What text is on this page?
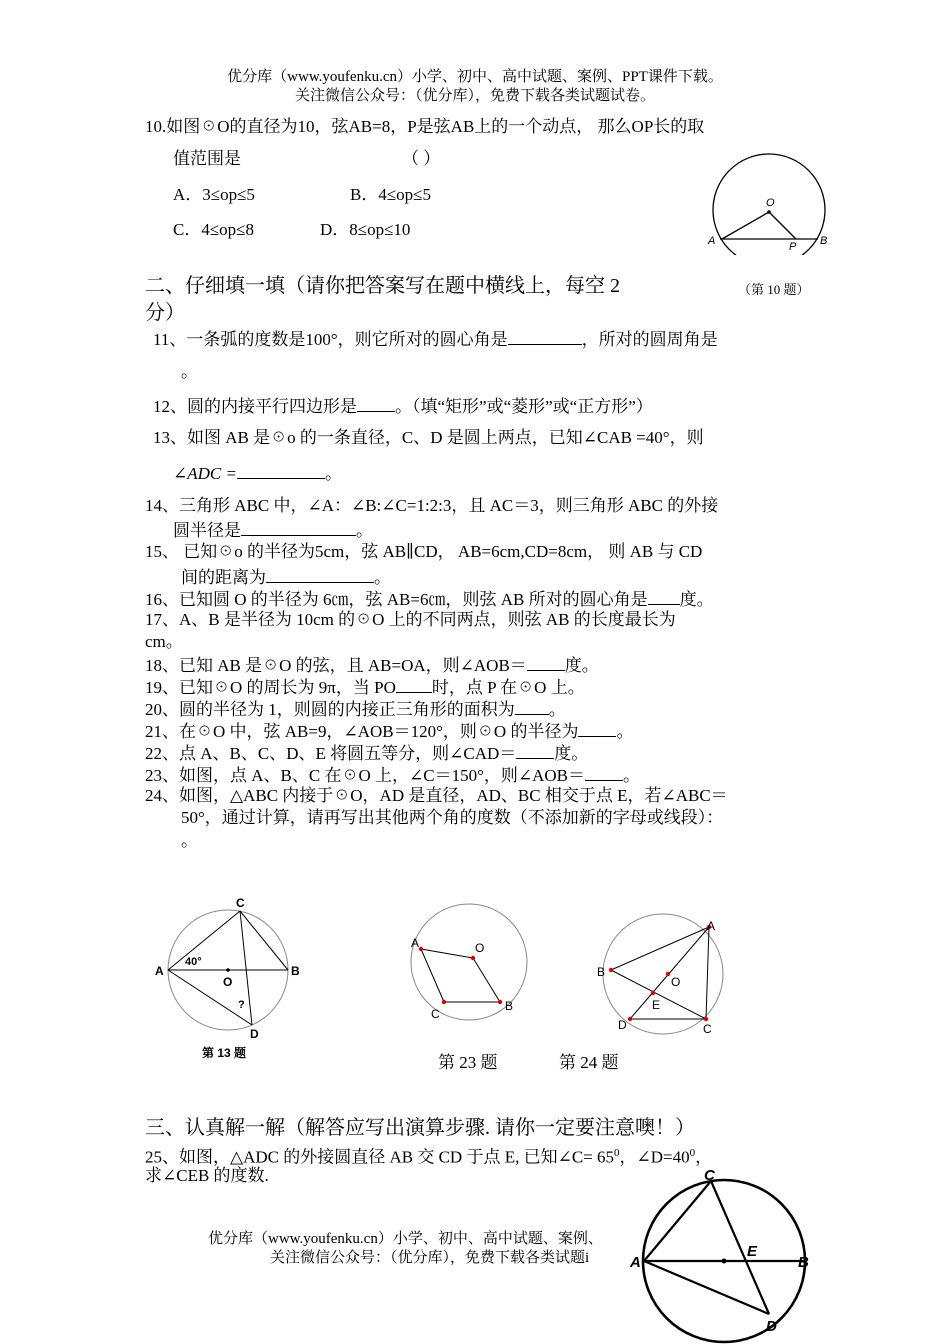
优分库（www.youfenku.cn）小学、初中、高中试题、案例、PPT课件下载。
关注微信公众号：（优分库），免费下载各类试题试卷。
10.如图☉O的直径为10，弦AB=8，P是弦AB上的一个动点， 那么OP长的取
值范围是	（ ）
A．3≤op≤5	B．4≤op≤5
C．4≤op≤8	D．8≤op≤10
O
A	P B
二、仔细填一填（请你把答案写在题中横线上，每空 2	（第 10 题）
分）
11、一条弧的度数是100°，则它所对的圆心角是	，所对的圆周角是
。
12、圆的内接平行四边形是 。（填“矩形”或“菱形”或“正方形”）
13、如图 AB 是☉o 的一条直径，C、D 是圆上两点，已知∠CAB =40°，则
∠ADC =	。
14、三角形 ABC 中，∠A：∠B:∠C=1:2:3，且 AC＝3，则三角形 ABC 的外接
圆半径是	。
15、 已知☉o 的半径为5cm，弦 AB∥CD， AB=6cm,CD=8cm， 则 AB 与 CD
间的距离为	。
16、已知圆 O 的半径为 6㎝，弦 AB=6㎝，则弦 AB 所对的圆心角是 度。
17、A、B 是半径为 10cm 的☉O 上的不同两点，则弦 AB 的长度最长为
cm。
18、已知 AB 是☉O 的弦，且 AB=OA，则∠AOB＝ 度。
19、已知☉O 的周长为 9π，当 PO 时，点 P 在☉O 上。
20、圆的半径为 1，则圆的内接正三角形的面积为 。
21、在☉O 中，弦 AB=9，∠AOB＝120°，则☉O 的半径为 。
22、点 A、B、C、D、E 将圆五等分，则∠CAD＝ 度。
23、如图，点 A、B、C 在☉O 上，∠C＝150°，则∠AOB＝ 。
24、如图，△ABC 内接于☉O，AD 是直径，AD、BC 相交于点 E，若∠ABC＝
50°，通过计算，请再写出其他两个角的度数（不添加新的字母或线段）：
。
C
A	B
O
D
40°
?
第 13 题
A	O
B
C
第 23 题
A
B
O
E
D	C
第 24 题
三、认真解一解（解答应写出演算步骤. 请你一定要注意噢！）
25、如图，△ADC 的外接圆直径 AB 交 CD 于点 E, 已知∠C= $65^0$，$\angle D=40^0$，
求∠CEB 的度数.
优分库（www.youfenku.cn）小学、初中、高中试题、案例、
关注微信公众号：（优分库），免费下载各类试题i
C
A
E
B
D
